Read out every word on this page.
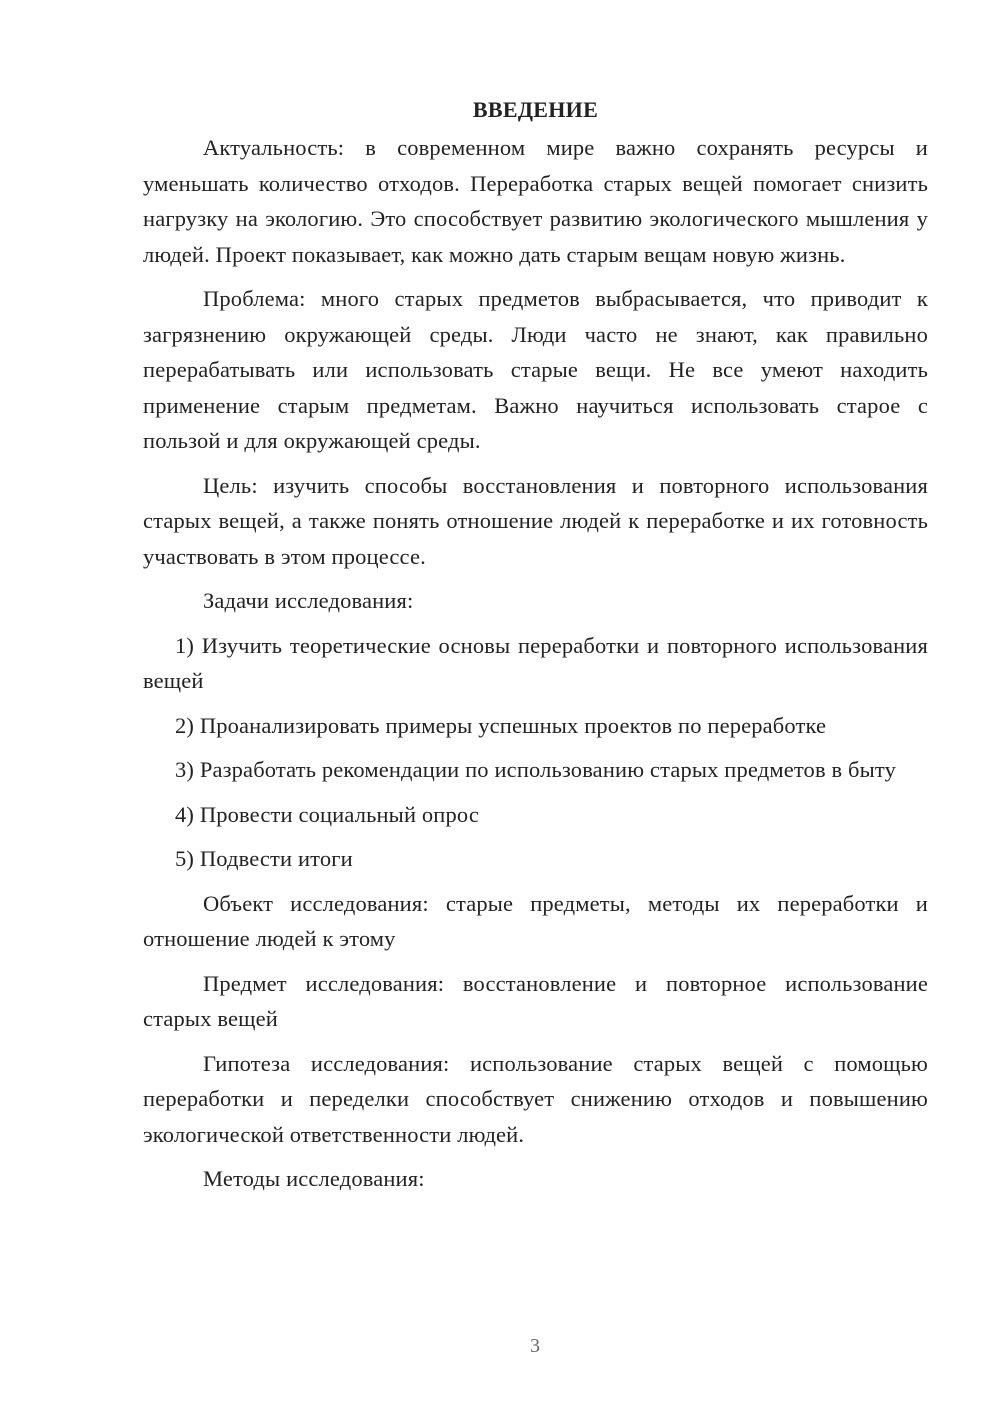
ВВЕДЕНИЕ

Актуальность: в современном мире важно сохранять ресурсы и уменьшать количество отходов. Переработка старых вещей помогает снизить нагрузку на экологию. Это способствует развитию экологического мышления у людей. Проект показывает, как можно дать старым вещам новую жизнь.

Проблема: много старых предметов выбрасывается, что приводит к загрязнению окружающей среды. Люди часто не знают, как правильно перерабатывать или использовать старые вещи. Не все умеют находить применение старым предметам. Важно научиться использовать старое с пользой и для окружающей среды.

Цель: изучить способы восстановления и повторного использования старых вещей, а также понять отношение людей к переработке и их готовность участвовать в этом процессе.

Задачи исследования:

1) Изучить теоретические основы переработки и повторного использования вещей

2) Проанализировать примеры успешных проектов по переработке

3) Разработать рекомендации по использованию старых предметов в быту

4) Провести социальный опрос

5) Подвести итоги

Объект исследования: старые предметы, методы их переработки и отношение людей к этому

Предмет исследования: восстановление и повторное использование старых вещей

Гипотеза исследования: использование старых вещей с помощью переработки и переделки способствует снижению отходов и повышению экологической ответственности людей.

Методы исследования:

3
